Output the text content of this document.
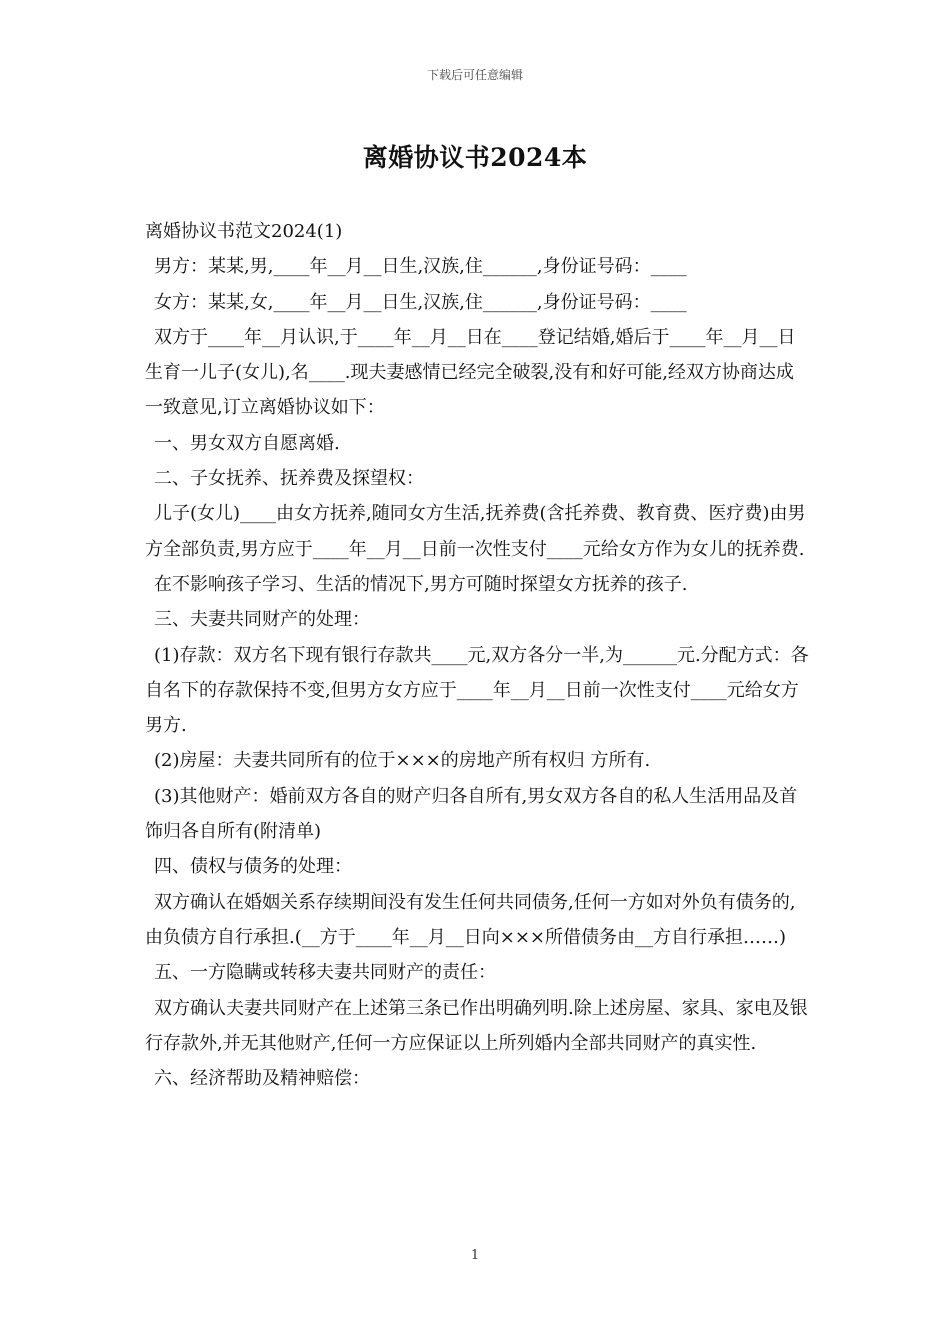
下载后可任意编辑
离婚协议书2024本

离婚协议书范文2024(1)

男方：某某,男,____年__月__日生,汉族,住______,身份证号码：____

女方：某某,女,____年__月__日生,汉族,住______,身份证号码：____

双方于____年__月认识,于____年__月__日在____登记结婚,婚后于____年__月__日生育一儿子(女儿),名____.现夫妻感情已经完全破裂,没有和好可能,经双方协商达成一致意见,订立离婚协议如下：

一、男女双方自愿离婚.

二、子女抚养、抚养费及探望权：

儿子(女儿)____由女方抚养,随同女方生活,抚养费(含托养费、教育费、医疗费)由男方全部负责,男方应于____年__月__日前一次性支付____元给女方作为女儿的抚养费.

在不影响孩子学习、生活的情况下,男方可随时探望女方抚养的孩子.

三、夫妻共同财产的处理：

(1)存款：双方名下现有银行存款共____元,双方各分一半,为______元.分配方式：各自名下的存款保持不变,但男方女方应于____年__月__日前一次性支付____元给女方男方.

(2)房屋：夫妻共同所有的位于×××的房地产所有权归 方所有.

(3)其他财产：婚前双方各自的财产归各自所有,男女双方各自的私人生活用品及首饰归各自所有(附清单)

四、债权与债务的处理：

双方确认在婚姻关系存续期间没有发生任何共同债务,任何一方如对外负有债务的,由负债方自行承担.(__方于____年__月__日向×××所借债务由__方自行承担……)

五、一方隐瞒或转移夫妻共同财产的责任：

双方确认夫妻共同财产在上述第三条已作出明确列明.除上述房屋、家具、家电及银行存款外,并无其他财产,任何一方应保证以上所列婚内全部共同财产的真实性.

六、经济帮助及精神赔偿：

1
